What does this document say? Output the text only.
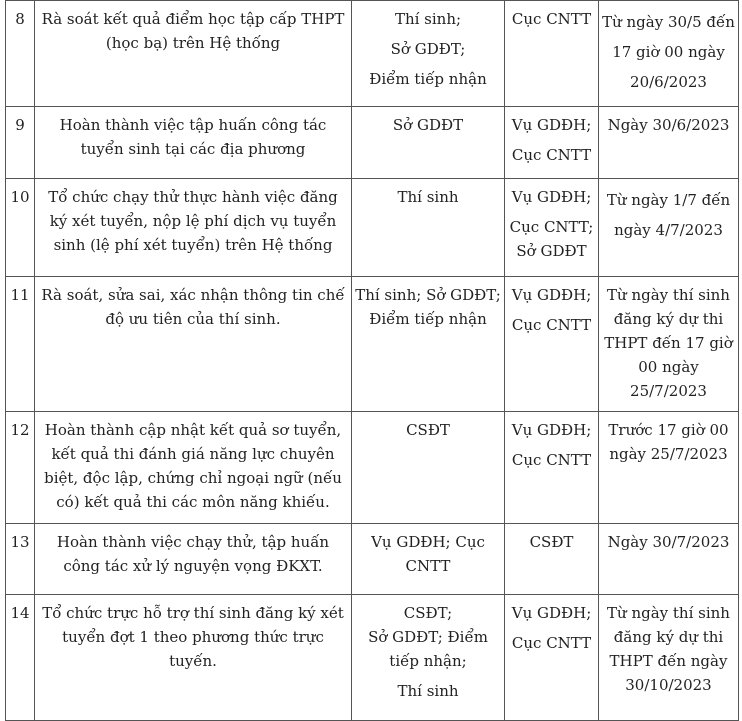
8	Rà soát kết quả điểm học tập cấp THPT (học bạ) trên Hệ thống	Thí sinh;
Sở GDĐT;
Điểm tiếp nhận	Cục CNTT	Từ ngày 30/5 đến 17 giờ 00 ngày 20/6/2023
9	Hoàn thành việc tập huấn công tác tuyển sinh tại các địa phương	Sở GDĐT	Vụ GDĐH;
Cục CNTT	Ngày 30/6/2023
10	Tổ chức chạy thử thực hành việc đăng ký xét tuyển, nộp lệ phí dịch vụ tuyển sinh (lệ phí xét tuyển) trên Hệ thống	Thí sinh	Vụ GDĐH;
Cục CNTT;
Sở GDĐT	Từ ngày 1/7 đến ngày 4/7/2023
11	Rà soát, sửa sai, xác nhận thông tin chế độ ưu tiên của thí sinh.	Thí sinh; Sở GDĐT; Điểm tiếp nhận	Vụ GDĐH;
Cục CNTT	Từ ngày thí sinh đăng ký dự thi THPT đến 17 giờ 00 ngày 25/7/2023
12	Hoàn thành cập nhật kết quả sơ tuyển, kết quả thi đánh giá năng lực chuyên biệt, độc lập, chứng chỉ ngoại ngữ (nếu có) kết quả thi các môn năng khiếu.	CSĐT	Vụ GDĐH;
Cục CNTT	Trước 17 giờ 00 ngày 25/7/2023
13	Hoàn thành việc chạy thử, tập huấn công tác xử lý nguyện vọng ĐKXT.	Vụ GDĐH; Cục CNTT	CSĐT	Ngày 30/7/2023
14	Tổ chức trực hỗ trợ thí sinh đăng ký xét tuyển đợt 1 theo phương thức trực tuyến.	CSĐT;
Sở GDĐT; Điểm tiếp nhận;
Thí sinh	Vụ GDĐH;
Cục CNTT	Từ ngày thí sinh đăng ký dự thi THPT đến ngày 30/10/2023
